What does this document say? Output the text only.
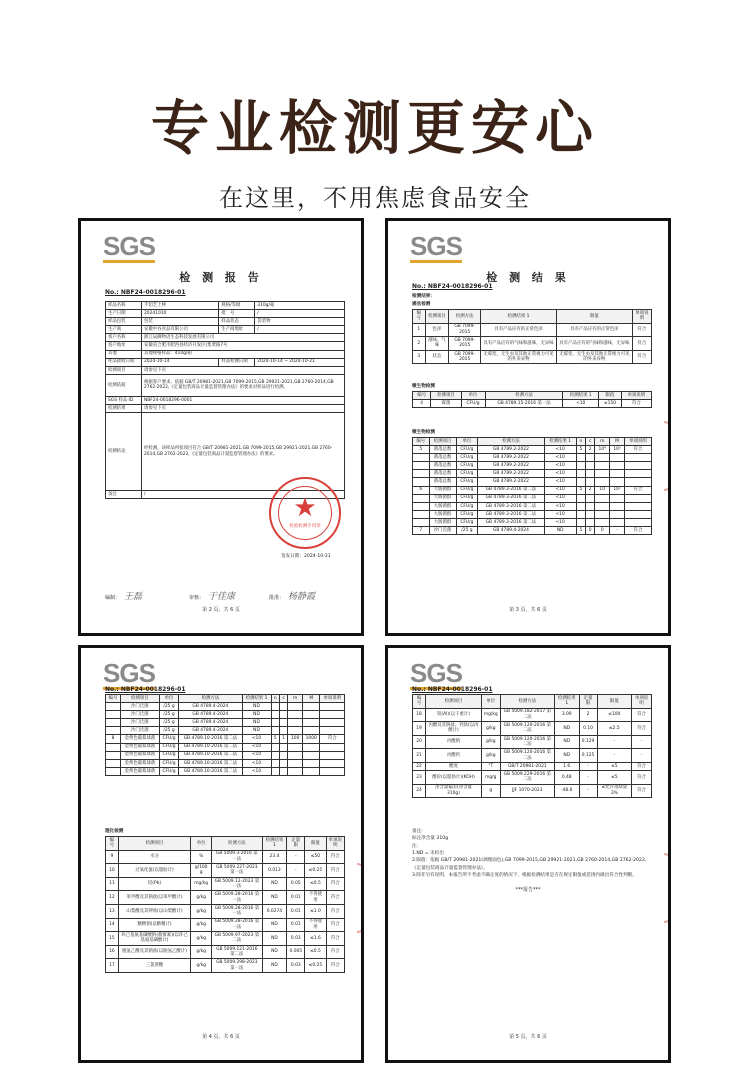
专业检测更安心
在这里，不用焦虑食品安全
SGS
检 测 报 告
No.: NBF24-0018296-01
样品名称	手切芝士棒	规格/等级	310g/箱
生产日期	20241010	批　号	/
样品包装	包装	样品状态	袋装物
生产商	安徽中谷食品有限公司	生产商地址	/
客户名称	浙江辰御物语生态科技发展有限公司		
客户地址	安徽省合肥市肥西县经济开发区(集贤路7号		
其他	其他规格样品：410g/箱		
样品接收日期	2024-10-14	样品检测日期	2024-10-14 ~ 2024-10-21
检测项目	请参见下页		
检测依据	根据客户要求，依据 GB/T 20981-2021,GB 7099-2015,GB 29921-2021,GB 2760-2014,GB 2762-2022,《定量包装商品计量监督管理办法》的要求对样品进行检测。		
SGS 样品 ID	NBF24-0018296-0001		
检测结果	请参见下页		
检测结论	经检测，该样品所检项目符合 GB/T 20981-2021,GB 7099-2015,GB 29921-2021,GB 2760-2014,GB 2762-2022,《定量包装商品计量监督管理办法》的要求。		
备注	/			★
检验检测专用章
签发日期：2024-10-21
编制： 王磊	审核： 于佳康	批准： 杨静霞
第 2 页，共 6 页
SGS
检 测 结 果
No.: NBF24-0018296-01
检测结果：
感官检测
编号	检测项目	检测方法	检测结果 1	限值	单项说明
1	色泽	GB 7099-2015	具有产品应有的正常色泽	具有产品应有的正常色泽	符合
2	滋味、气味	GB 7099-2015	具有产品应有的气味和滋味，无异味	具有产品应有的气味和滋味，无异味	符合
3	状态	GB 7099-2015	无霉变、无生虫及其他正常视力可见的外来异物	无霉变、无生虫及其他正常视力可见的外来异物	符合
微生物检测
编号	检测项目	单位	检测方法	检测结果 1	限值	单项说明
4	霉菌	CFU/g	GB 4789.15-2016 第一法	<10	≤150	符合
微生物检测
编号	检测项目	单位	检测方法	检测结果 1	n	c	m	M	单项说明
5	菌落总数	CFU/g	GB 4789.2-2022	<10	5	2	10⁴	10⁵	符合
	菌落总数	CFU/g	GB 4789.2-2022	<10					
	菌落总数	CFU/g	GB 4789.2-2022	<10					
	菌落总数	CFU/g	GB 4789.2-2022	<10					
	菌落总数	CFU/g	GB 4789.2-2022	<10					
6	大肠菌群	CFU/g	GB 4789.3-2016 第二法	<10	5	2	10	10²	符合
	大肠菌群	CFU/g	GB 4789.3-2016 第二法	<10					
	大肠菌群	CFU/g	GB 4789.3-2016 第二法	<10					
	大肠菌群	CFU/g	GB 4789.3-2016 第二法	<10					
	大肠菌群	CFU/g	GB 4789.3-2016 第二法	<10					
7	沙门氏菌	/25 g	GB 4789.4-2024	ND	5	0	0	-	符合
第 3 页，共 6 页
SGS
No.: NBF24-0018296-01
编号	检测项目	单位	检测方法	检测结果 1	n	c	m	M	单项说明
	沙门氏菌	/25 g	GB 4789.4-2024	ND					
	沙门氏菌	/25 g	GB 4789.4-2024	ND					
	沙门氏菌	/25 g	GB 4789.4-2024	ND					
	沙门氏菌	/25 g	GB 4789.4-2024	ND					
8	金黄色葡萄球菌	CFU/g	GB 4789.10-2016 第二法	<10	5	1	100	1000	符合
	金黄色葡萄球菌	CFU/g	GB 4789.10-2016 第二法	<10					
	金黄色葡萄球菌	CFU/g	GB 4789.10-2016 第二法	<10					
	金黄色葡萄球菌	CFU/g	GB 4789.10-2016 第二法	<10					
	金黄色葡萄球菌	CFU/g	GB 4789.10-2016 第二法	<10					
理化检测
编号	检测项目	单位	检测方法	检测结果 1	定量限	限值	单项说明
9	水分	%	GB 5009.3-2016 第一法	23.4	-	≤50	符合
10	过氧化值(以脂肪计)	g/100 g	GB 5009.227-2023 第一法	0.013	-	≤0.25	符合
11	铅(Pb)	mg/kg	GB 5009.12-2023 第一法	ND	0.05	≤0.5	符合
12	苯甲酸及其钠盐(以苯甲酸计)	g/kg	GB 5009.28-2016 第一法	ND	0.01	不得使用	符合
13	山梨酸及其钾盐(以山梨酸计)	g/kg	GB 5009.28-2016 第一法	0.0274	0.01	≤1.0	符合
14	糖精钠(以糖精计)	g/kg	GB 5009.28-2016 第一法	ND	0.01	不得使用	符合
15	环己基氨基磺酸钠(甜蜜素)(以环己基氨基磺酸计)	g/kg	GB 5009.97-2023 第二法	ND	0.03	≤1.6	符合
16	脱氢乙酸及其钠盐(以脱氢乙酸计)	g/kg	GB 5009.121-2016 第二法	ND	0.005	≤0.5	符合
17	三氯蔗糖	g/kg	GB 5009.298-2023 第一法	ND	0.03	≤0.25	符合
第 4 页，共 6 页
SGS
No.: NBF24-0018296-01
编号	检测项目	单位	检测方法	检测结果 1	定量限	限值	单项说明
18	铝(Al)(以干重计)	mg/kg	GB 5009.182-2017 第二法	3.09	2	≤100	符合
19	丙酸及其钠盐、钙盐(以丙酸计)	g/kg	GB 5009.120-2016 第二法	ND	0.10	≤2.5	符合
20	丙酸钠	g/kg	GB 5009.120-2016 第二法	ND	0.129	-	-
21	丙酸钙	g/kg	GB 5009.120-2016 第二法	ND	0.125	-	-
22	酸度	°T	GB/T 20981-2021	1.6	-	≤5	符合
23	酸价(以脂肪计)(KOH)	mg/g	GB 5009.229-2016 第二法	0.48	-	≤5	符合
24	净含量偏差(净含量 310g)	g	JJF 1070-2023	-48.6	-	≤允许短缺量 3%	符合
备注:
标注净含量 310g
注：
1.ND = 未检出
2.限值：依据 GB/T 20981-2021(调理面包),GB 7099-2015,GB 29921-2021,GB 2760-2014,GB 2762-2022,《定量包装商品计量监督管理办法》。
3.除非另有说明，本报告所不考虑不确定度的情况下，根据检测结果是否在规定限值或范围内做出符合性判断。
***报告***
第 5 页，共 6 页
